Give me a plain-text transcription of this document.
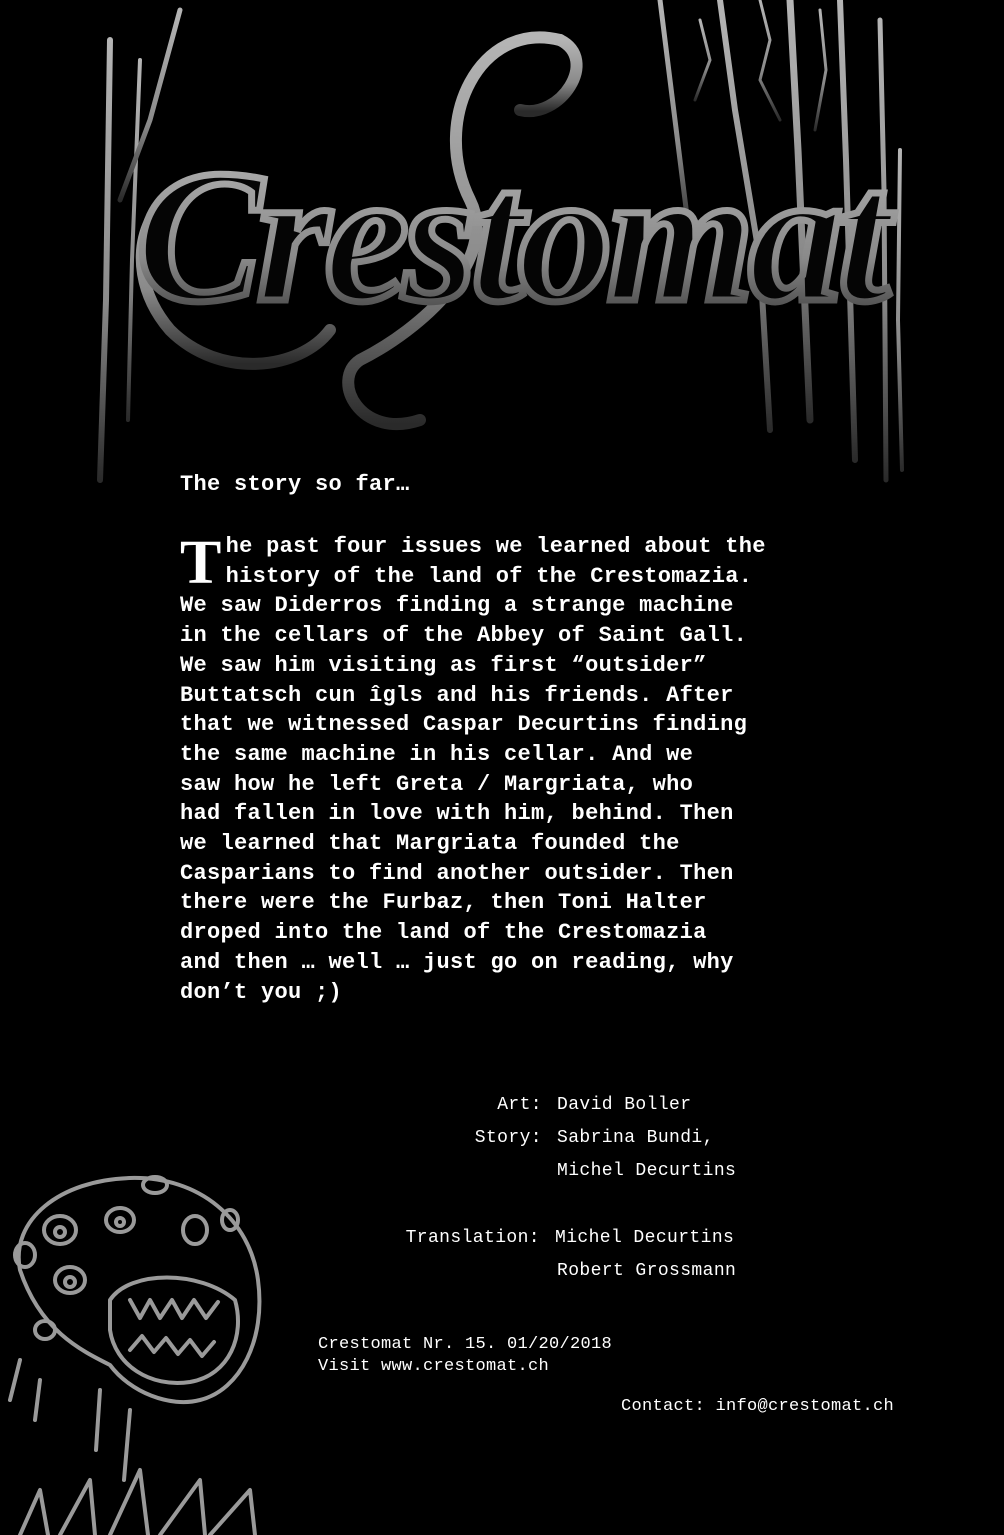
Crestomat
The story so far…

The past four issues we learned about the
history of the land of the Crestomazia.
We saw Diderros finding a strange machine
in the cellars of the Abbey of Saint Gall.
We saw him visiting as first “outsider”
Buttatsch cun îgls and his friends. After
that we witnessed Caspar Decurtins finding
the same machine in his cellar. And we
saw how he left Greta / Margriata, who
had fallen in love with him, behind. Then
we learned that Margriata founded the
Casparians to find another outsider. Then
there were the Furbaz, then Toni Halter
droped into the land of the Crestomazia
and then … well … just go on reading, why
don’t you ;)

Art: David Boller
Story: Sabrina Bundi,
Michel Decurtins
Translation: Michel Decurtins
Robert Grossmann
Crestomat Nr. 15. 01/20/2018
Visit www.crestomat.ch
Contact: info@crestomat.ch
